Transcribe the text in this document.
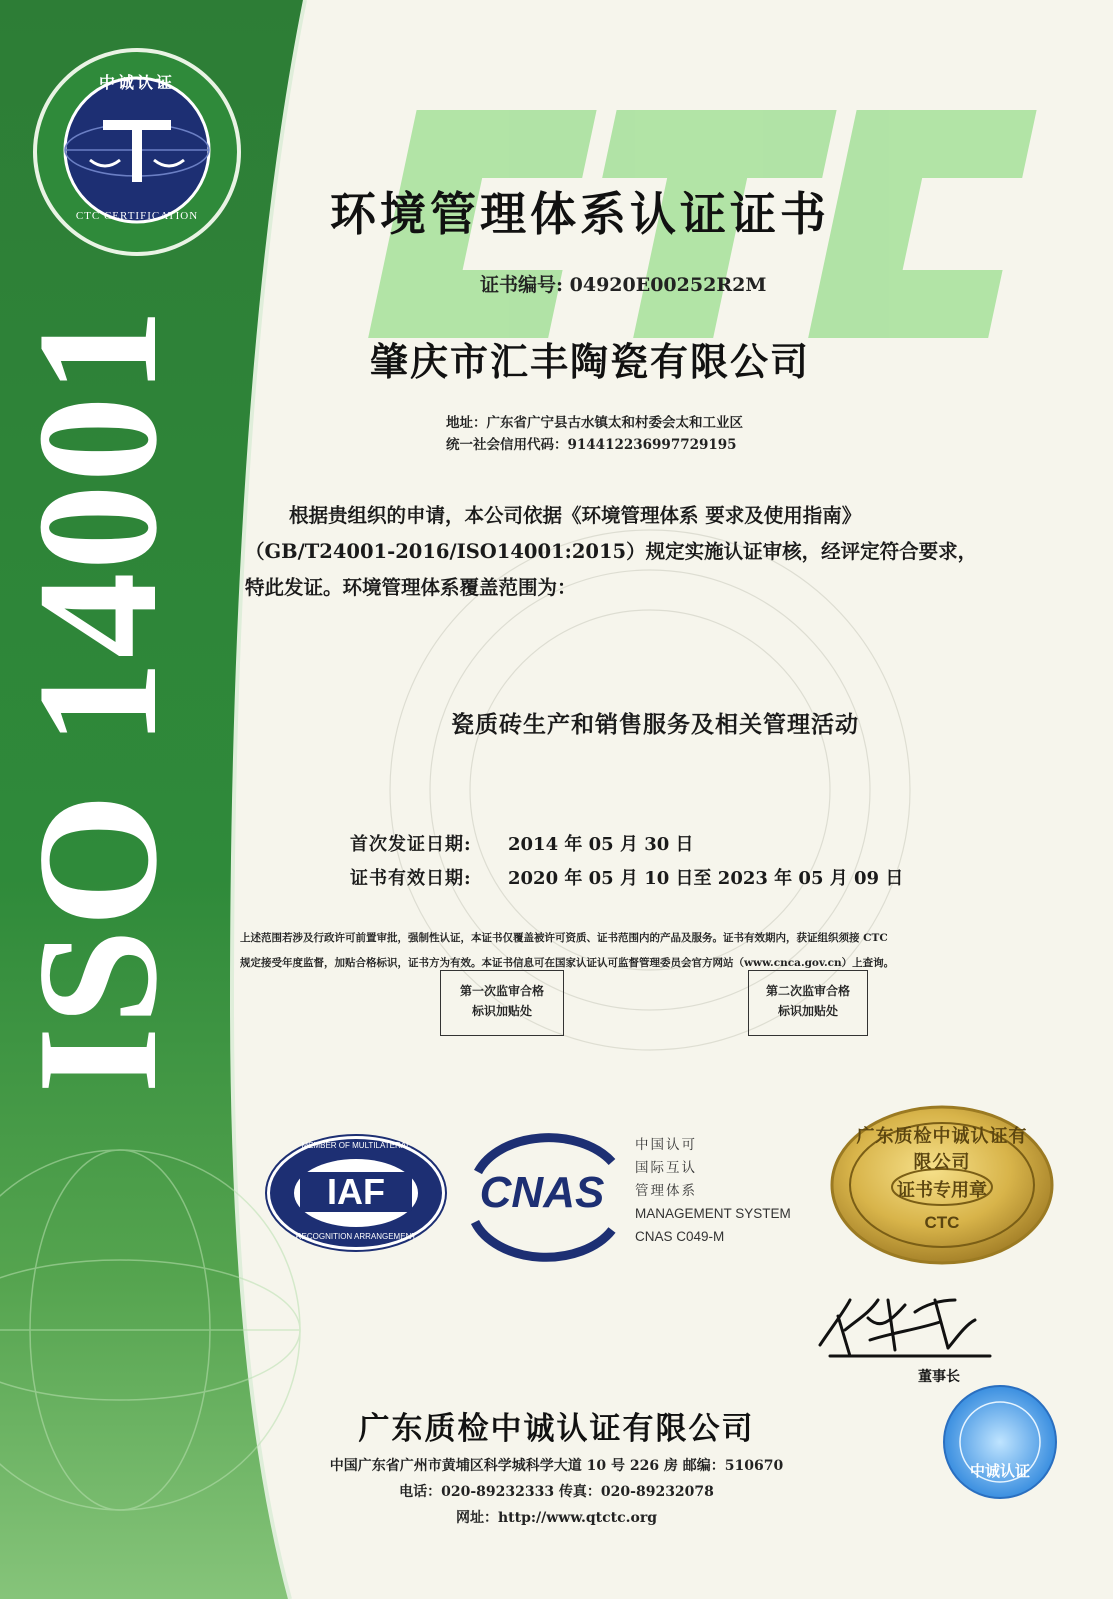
ISO 14001
中诚认证
CTC CERTIFICATION	环境管理体系认证证书
证书编号: 04920E00252R2M
肇庆市汇丰陶瓷有限公司
地址：广东省广宁县古水镇太和村委会太和工业区
统一社会信用代码：914412236997729195
根据贵组织的申请，本公司依据《环境管理体系 要求及使用指南》
（GB/T24001-2016/ISO14001:2015）规定实施认证审核，经评定符合要求，
特此发证。环境管理体系覆盖范围为：
瓷质砖生产和销售服务及相关管理活动
首次发证日期:	2014 年 05 月 30 日
证书有效日期:	2020 年 05 月 10 日至 2023 年 05 月 09 日
上述范围若涉及行政许可前置审批，强制性认证，本证书仅覆盖被许可资质、证书范围内的产品及服务。证书有效期内，获证组织须接 CTC
规定接受年度监督，加贴合格标识，证书方为有效。本证书信息可在国家认证认可监督管理委员会官方网站（www.cnca.gov.cn）上查询。
第一次监审合格
标识加贴处
第二次监审合格
标识加贴处
IAF
MEMBER OF MULTILATERAL
RECOGNITION ARRANGEMENT
CNAS
中国认可
国际互认
管理体系
MANAGEMENT SYSTEM
CNAS C049-M
广东质检中诚认证有限公司
证书专用章
CTC
董事长
中诚认证
广东质检中诚认证有限公司
中国广东省广州市黄埔区科学城科学大道 10 号 226 房 邮编：510670
电话：020-89232333 传真：020-89232078
网址：http://www.qtctc.org
